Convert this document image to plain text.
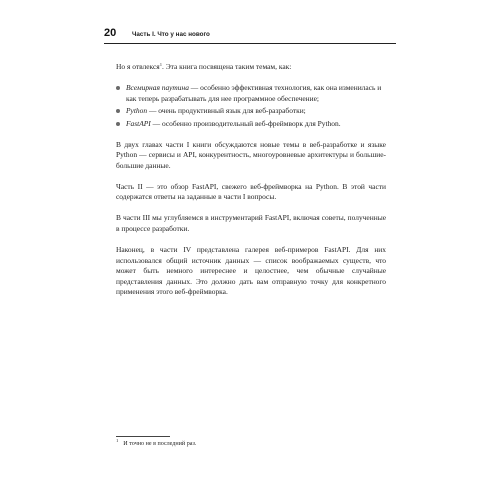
20	Часть I. Что у нас нового

Но я отвлекся$^1$. Эта книга посвящена таким темам, как:

Всемирная паутина — особенно эффективная технология, как она изменилась и как теперь разрабатывать для нее программное обеспечение;
Python — очень продуктивный язык для веб-разработки;
FastAPI — особенно производительный веб-фреймворк для Python.

В двух главах части I книги обсуждаются новые темы в веб-разработке и языке Python — сервисы и API, конкурентность, многоуровневые архитектуры и большие-большие данные.

Часть II — это обзор FastAPI, свежего веб-фреймворка на Python. В этой части содержатся ответы на заданные в части I вопросы.

В части III мы углубляемся в инструментарий FastAPI, включая советы, полученные в процессе разработки.

Наконец, в части IV представлена галерея веб-примеров FastAPI. Для них использовался общий источник данных — список воображаемых существ, что может быть немного интереснее и целостнее, чем обычные случайные представления данных. Это должно дать вам отправную точку для конкретного применения этого веб-фреймворка.

$^1$И точно не в последний раз.
